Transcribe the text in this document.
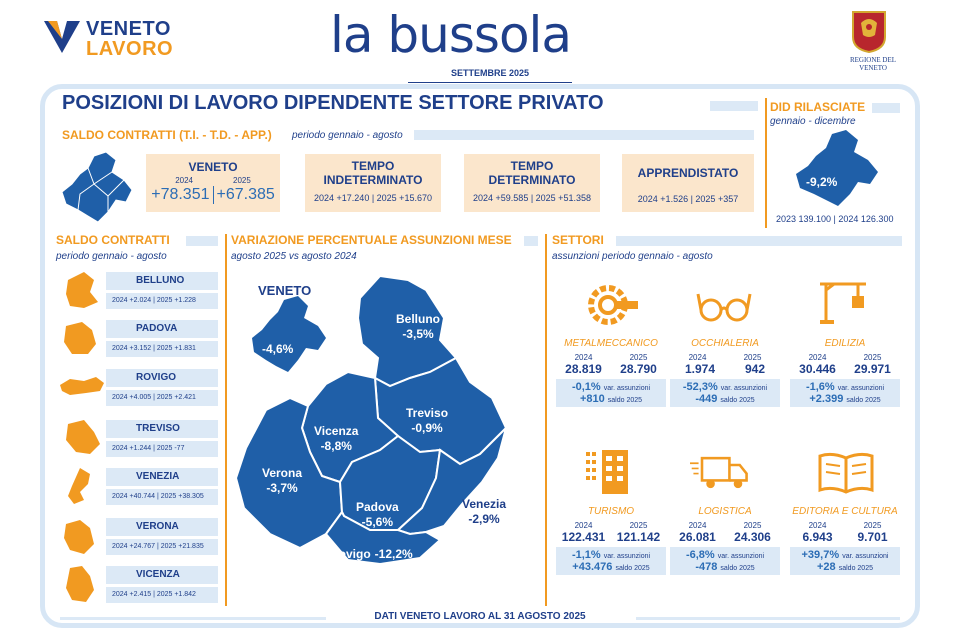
VENETO
LAVORO	la bussola
SETTEMBRE 2025
REGIONE DEL VENETO
POSIZIONI DI LAVORO DIPENDENTE SETTORE PRIVATO
SALDO CONTRATTI (T.I. - T.D. - APP.) periodo gennaio - agosto
VENETO
2024	2025
+78.351 +67.385
TEMPO
INDETERMINATO
2024 +17.240 | 2025 +15.670
TEMPO
DETERMINATO
2024 +59.585 | 2025 +51.358
APPRENDISTATO
2024 +1.526 | 2025 +357
DID RILASCIATE
gennaio - dicembre
-9,2%
2023 139.100 | 2024 126.300
SALDO CONTRATTI
periodo gennaio - agosto
BELLUNO
2024 +2.024 | 2025 +1.228
PADOVA
2024 +3.152 | 2025 +1.831
ROVIGO
2024 +4.005 | 2025 +2.421
TREVISO
2024 +1.244 | 2025 -77
VENEZIA
2024 +40.744 | 2025 +38.305
VERONA
2024 +24.767 | 2025 +21.835
VICENZA
2024 +2.415 | 2025 +1.842
VARIAZIONE PERCENTUALE ASSUNZIONI MESE
agosto 2025 vs agosto 2024
VENETO
-4,6%
Belluno
-3,5%
Treviso
-0,9%
Vicenza
-8,8%
Verona
-3,7%
Padova
-5,6%
Venezia
-2,9%
Rovigo -12,2%
SETTORI
assunzioni periodo gennaio - agosto
METALMECCANICO
2024	2025
28.819 28.790
-0,1% var. assunzioni
+810 saldo 2025
OCCHIALERIA
2024	2025
1.974 942
-52,3% var. assunzioni
-449 saldo 2025
EDILIZIA
2024	2025
30.446 29.971
-1,6% var. assunzioni
+2.399 saldo 2025
TURISMO
2024	2025
122.431 121.142
-1,1% var. assunzioni
+43.476 saldo 2025
LOGISTICA
2024	2025
26.081 24.306
-6,8% var. assunzioni
-478 saldo 2025
EDITORIA E CULTURA
2024	2025
6.943 9.701
+39,7% var. assunzioni
+28 saldo 2025
DATI VENETO LAVORO AL 31 AGOSTO 2025
